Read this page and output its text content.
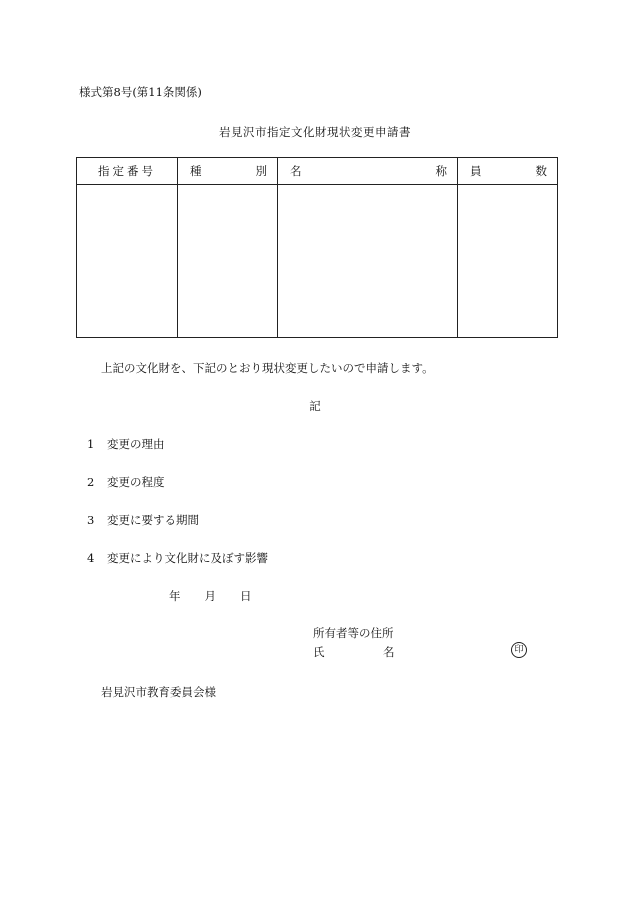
様式第8号(第11条関係)
岩見沢市指定文化財現状変更申請書
指定番号	種 別	名 称	員 数

上記の文化財を、下記のとおり現状変更したいので申請します。
記
1 変更の理由
2 変更の程度
3 変更に要する期間
4 変更により文化財に及ぼす影響
年 月 日
所有者等の住所
氏	名	印
岩見沢市教育委員会様
